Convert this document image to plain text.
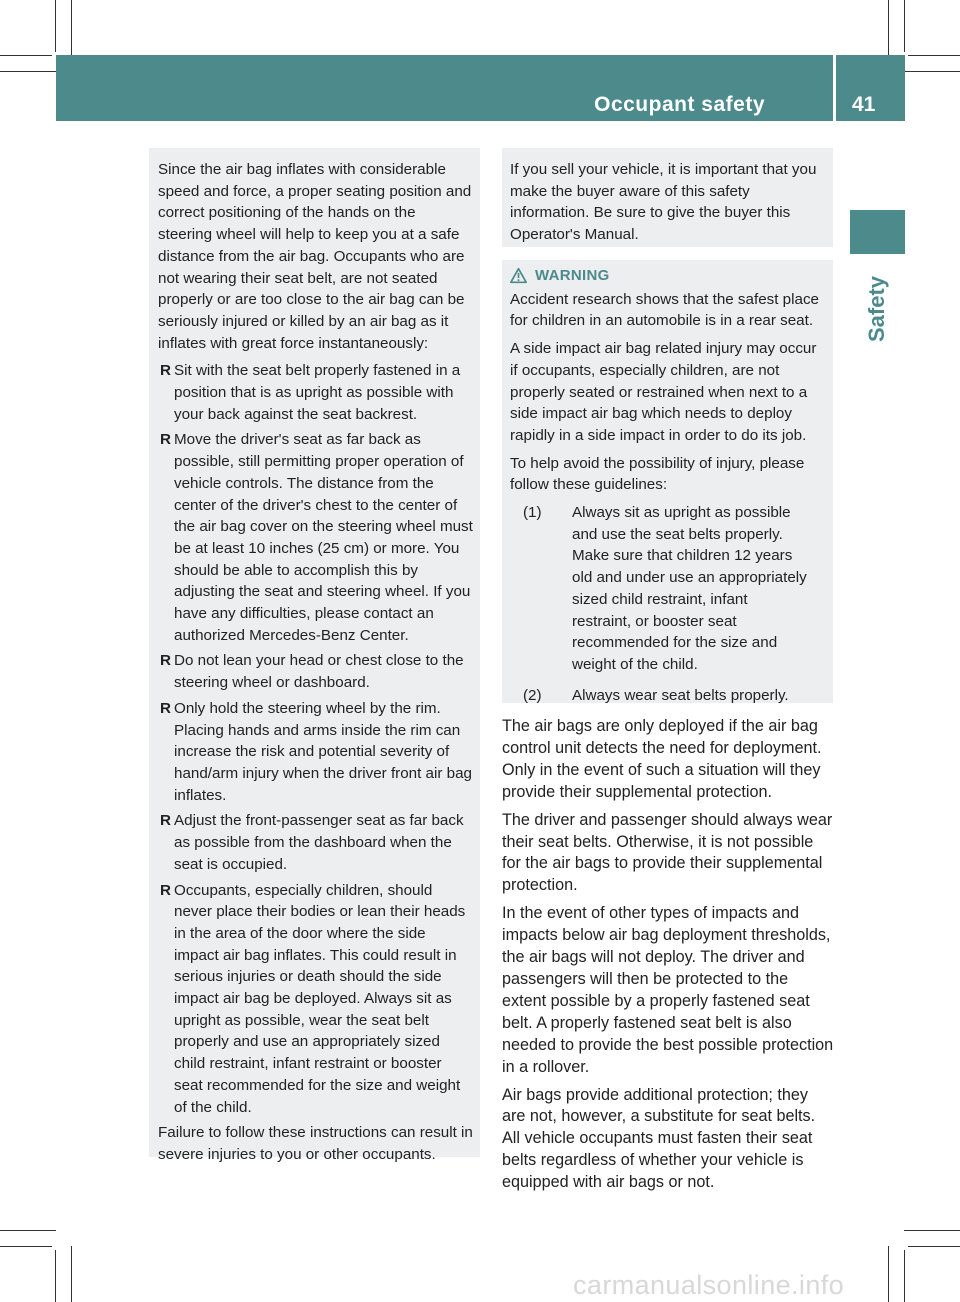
Occupant safety	41
Safety

Since the air bag inflates with considerable speed and force, a proper seating position and correct positioning of the hands on the steering wheel will help to keep you at a safe distance from the air bag. Occupants who are not wearing their seat belt, are not seated properly or are too close to the air bag can be seriously injured or killed by an air bag as it inflates with great force instantaneously:

R Sit with the seat belt properly fastened in a position that is as upright as possible with your back against the seat backrest.
R Move the driver's seat as far back as possible, still permitting proper operation of vehicle controls. The distance from the center of the driver's chest to the center of the air bag cover on the steering wheel must be at least 10 inches (25 cm) or more. You should be able to accomplish this by adjusting the seat and steering wheel. If you have any difficulties, please contact an authorized Mercedes-Benz Center.
R Do not lean your head or chest close to the steering wheel or dashboard.
R Only hold the steering wheel by the rim. Placing hands and arms inside the rim can increase the risk and potential severity of hand/arm injury when the driver front air bag inflates.
R Adjust the front-passenger seat as far back as possible from the dashboard when the seat is occupied.
R Occupants, especially children, should never place their bodies or lean their heads in the area of the door where the side impact air bag inflates. This could result in serious injuries or death should the side impact air bag be deployed. Always sit as upright as possible, wear the seat belt properly and use an appropriately sized child restraint, infant restraint or booster seat recommended for the size and weight of the child.

Failure to follow these instructions can result in severe injuries to you or other occupants.

If you sell your vehicle, it is important that you make the buyer aware of this safety information. Be sure to give the buyer this Operator's Manual.

WARNING

Accident research shows that the safest place for children in an automobile is in a rear seat.

A side impact air bag related injury may occur if occupants, especially children, are not properly seated or restrained when next to a side impact air bag which needs to deploy rapidly in a side impact in order to do its job.

To help avoid the possibility of injury, please follow these guidelines:

(1)	Always sit as upright as possible and use the seat belts properly. Make sure that children 12 years old and under use an appropriately sized child restraint, infant restraint, or booster seat recommended for the size and weight of the child.
(2)	Always wear seat belts properly.

The air bags are only deployed if the air bag control unit detects the need for deployment. Only in the event of such a situation will they provide their supplemental protection.

The driver and passenger should always wear their seat belts. Otherwise, it is not possible for the air bags to provide their supplemental protection.

In the event of other types of impacts and impacts below air bag deployment thresholds, the air bags will not deploy. The driver and passengers will then be protected to the extent possible by a properly fastened seat belt. A properly fastened seat belt is also needed to provide the best possible protection in a rollover.

Air bags provide additional protection; they are not, however, a substitute for seat belts. All vehicle occupants must fasten their seat belts regardless of whether your vehicle is equipped with air bags or not.

carmanualsonline.info
